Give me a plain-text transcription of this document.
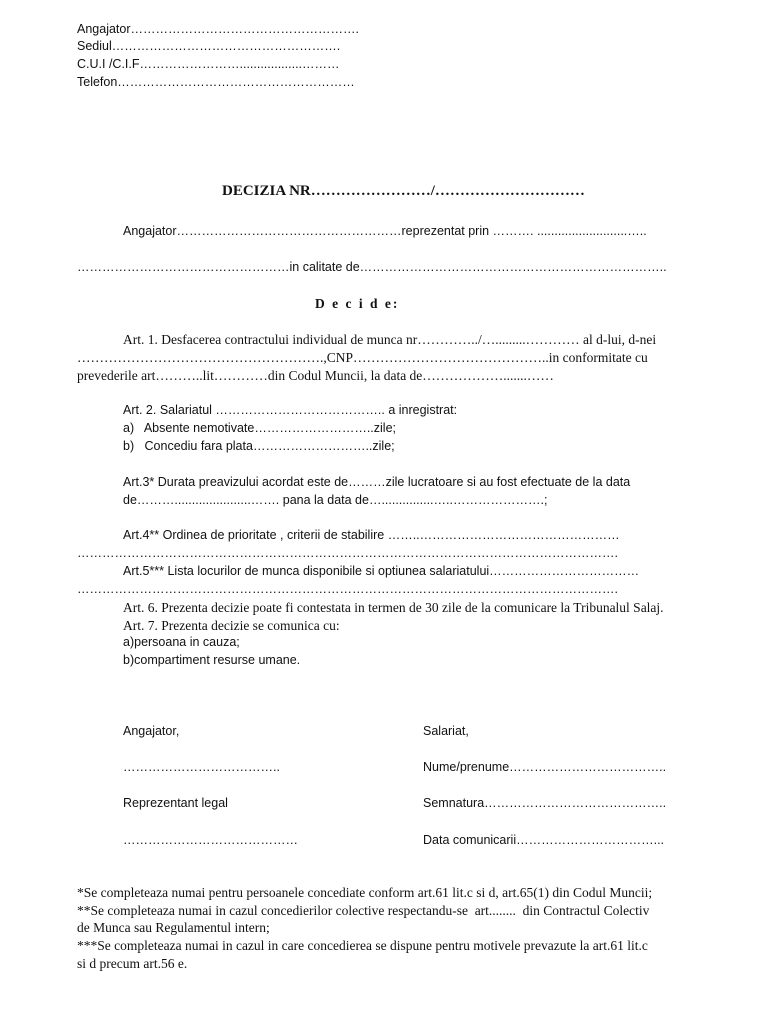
Angajator……………………………………………….
Sediul……………………………………………….
C.U.I /C.I.F……………………..................………
Telefon…………………………………………………
DECIZIA NR……………………/…………………………
Angajator………………………………………………reprezentat prin ………. ..........................…..
……………………………………………in calitate de………………………………………………………………..
D e c i d e:
Art. 1. Desfacerea contractului individual de munca nr…………../….........………… al d-lui, d-nei
……………………………………………….,CNP……………………………………..in conformitate cu
prevederile art………..lit…………din Codul Muncii, la data de……………….......……
Art. 2. Salariatul ………………………………….. a inregistrat:
a)   Absente nemotivate………………………..zile;
b)   Concediu fara plata………………………..zile;
Art.3* Durata preavizului acordat este de………zile lucratoare si au fost efectuate de la data
de………......................……. pana la data de…...............…..………………….;
Art.4** Ordinea de prioritate , criterii de stabilire ……..…………………………………………
………………………………………………………………………………………………………………….
Art.5*** Lista locurilor de munca disponibile si optiunea salariatului………………………………
………………………………………………………………………………………………………………….
Art. 6. Prezenta decizie poate fi contestata in termen de 30 zile de la comunicare la Tribunalul Salaj.
Art. 7. Prezenta decizie se comunica cu:
a)persoana in cauza;
b)compartiment resurse umane.
Angajator,
………………………………..
Reprezentant legal
……………………………………
Salariat,
Nume/prenume………………………………..
Semnatura……………………………………..
Data comunicarii……………………………...
*Se completeaza numai pentru persoanele concediate conform art.61 lit.c si d, art.65(1) din Codul Muncii;
**Se completeaza numai in cazul concedierilor colective respectandu-se  art........  din Contractul Colectiv
de Munca sau Regulamentul intern;
***Se completeaza numai in cazul in care concedierea se dispune pentru motivele prevazute la art.61 lit.c
si d precum art.56 e.
